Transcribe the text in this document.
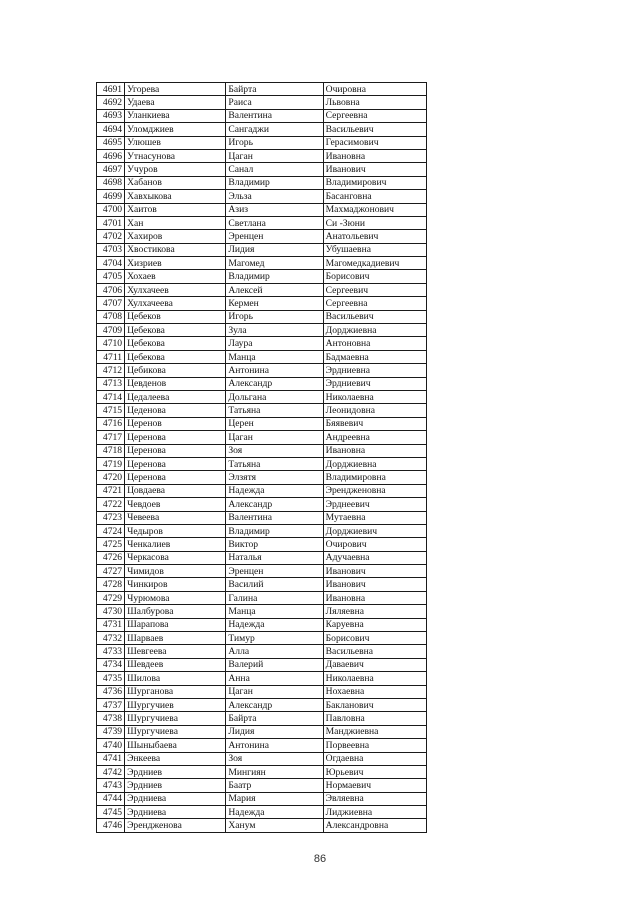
4691	Угорева	Байрта	Очировна
4692	Удаева	Раиса	Львовна
4693	Уланкиева	Валентина	Сергеевна
4694	Уломджиев	Сангаджи	Васильевич
4695	Улюшев	Игорь	Герасимович
4696	Утнасунова	Цаган	Ивановна
4697	Учуров	Санал	Иванович
4698	Хабанов	Владимир	Владимирович
4699	Хавхыкова	Эльза	Басанговна
4700	Хаитов	Азиз	Махмаджонович
4701	Хан	Светлана	Си -Зюни
4702	Хахиров	Эренцен	Анатольевич
4703	Хвостикова	Лидия	Убушаевна
4704	Хизриев	Магомед	Магомедкадиевич
4705	Хохаев	Владимир	Борисович
4706	Хулхачеев	Алексей	Сергеевич
4707	Хулхачеева	Кермен	Сергеевна
4708	Цебеков	Игорь	Васильевич
4709	Цебекова	Зула	Дорджиевна
4710	Цебекова	Лаура	Антоновна
4711	Цебекова	Манца	Бадмаевна
4712	Цебикова	Антонина	Эрдниевна
4713	Цевденов	Александр	Эрдниевич
4714	Цедалеева	Дольгана	Николаевна
4715	Цеденова	Татьяна	Леонидовна
4716	Церенов	Церен	Бяявевич
4717	Церенова	Цаган	Андреевна
4718	Церенова	Зоя	Ивановна
4719	Церенова	Татьяна	Дорджиевна
4720	Церенова	Элзятя	Владимировна
4721	Цовдаева	Надежда	Эрендженовна
4722	Чевдоев	Александр	Эрднеевич
4723	Чевеева	Валентина	Мутаевна
4724	Чедыров	Владимир	Дорджиевич
4725	Ченкалиев	Виктор	Очирович
4726	Черкасова	Наталья	Адучаевна
4727	Чимидов	Эренцен	Иванович
4728	Чинкиров	Василий	Иванович
4729	Чурюмова	Галина	Ивановна
4730	Шалбурова	Манца	Ляляевна
4731	Шарапова	Надежда	Каруевна
4732	Шарваев	Тимур	Борисович
4733	Шевгеева	Алла	Васильевна
4734	Шевдеев	Валерий	Даваевич
4735	Шилова	Анна	Николаевна
4736	Шурганова	Цаган	Нохаевна
4737	Шургучиев	Александр	Бакланович
4738	Шургучиева	Байрта	Павловна
4739	Шургучиева	Лидия	Манджиевна
4740	Шыныбаева	Антонина	Порвеевна
4741	Энкеева	Зоя	Огдаевна
4742	Эрдниев	Мингиян	Юрьевич
4743	Эрдниев	Баатр	Нормаевич
4744	Эрдниева	Мария	Эвляевна
4745	Эрдниева	Надежда	Лиджиевна
4746	Эрендженова	Ханум	Александровна
86
